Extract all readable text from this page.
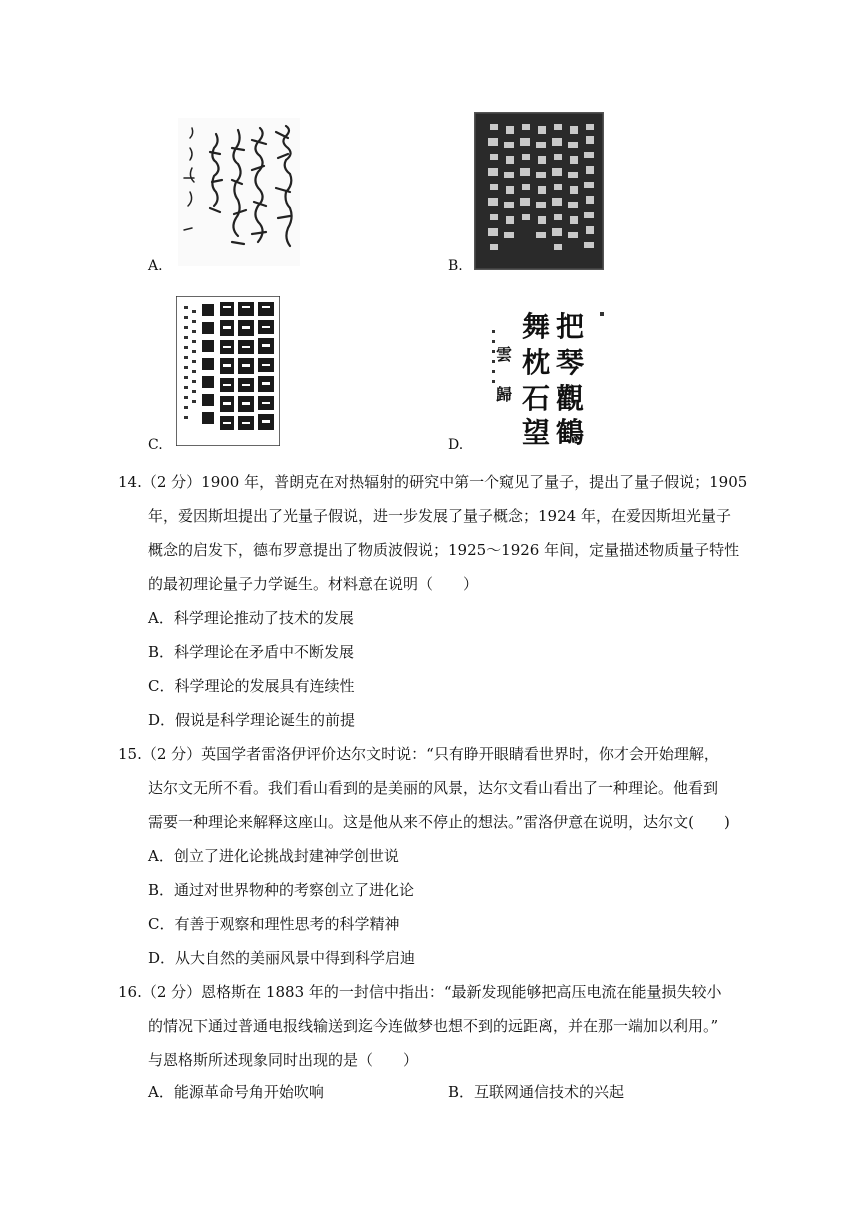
A.	B.
C.
把
琴
觀
鶴
舞
枕
石
望
雲
歸
D.
14.（2 分）1900 年，普朗克在对热辐射的研究中第一个窥见了量子，提出了量子假说；1905
年，爱因斯坦提出了光量子假说，进一步发展了量子概念；1924 年，在爱因斯坦光量子
概念的启发下，德布罗意提出了物质波假说；1925～1926 年间，定量描述物质量子特性
的最初理论量子力学诞生。材料意在说明（　　）
A．科学理论推动了技术的发展
B．科学理论在矛盾中不断发展
C．科学理论的发展具有连续性
D．假说是科学理论诞生的前提
15.（2 分）英国学者雷洛伊评价达尔文时说：“只有睁开眼睛看世界时，你才会开始理解，
达尔文无所不看。我们看山看到的是美丽的风景，达尔文看山看出了一种理论。他看到
需要一种理论来解释这座山。这是他从来不停止的想法。”雷洛伊意在说明，达尔文(　　)
A．创立了进化论挑战封建神学创世说
B．通过对世界物种的考察创立了进化论
C．有善于观察和理性思考的科学精神
D．从大自然的美丽风景中得到科学启迪
16.（2 分）恩格斯在 1883 年的一封信中指出：“最新发现能够把高压电流在能量损失较小
的情况下通过普通电报线输送到迄今连做梦也想不到的远距离，并在那一端加以利用。”
与恩格斯所述现象同时出现的是（　　）
A．能源革命号角开始吹响	B．互联网通信技术的兴起
